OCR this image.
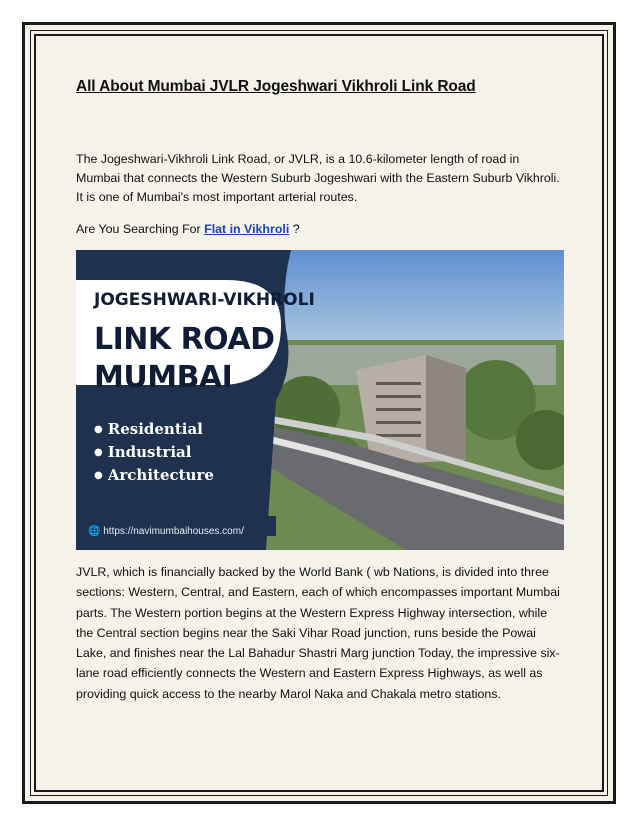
All About Mumbai JVLR Jogeshwari Vikhroli Link Road
The Jogeshwari-Vikhroli Link Road, or JVLR, is a 10.6-kilometer length of road in Mumbai that connects the Western Suburb Jogeshwari with the Eastern Suburb Vikhroli. It is one of Mumbai's most important arterial routes.
Are You Searching For Flat in Vikhroli ?
JOGESHWARI-VIKHROLI
LINK ROAD
MUMBAI
● Residential
● Industrial
● Architecture
🌐 https://navimumbaihouses.com/
JVLR, which is financially backed by the World Bank ( wb Nations, is divided into three sections: Western, Central, and Eastern, each of which encompasses important Mumbai parts. The Western portion begins at the Western Express Highway intersection, while the Central section begins near the Saki Vihar Road junction, runs beside the Powai Lake, and finishes near the Lal Bahadur Shastri Marg junction Today, the impressive six-lane road efficiently connects the Western and Eastern Express Highways, as well as providing quick access to the nearby Marol Naka and Chakala metro stations.
